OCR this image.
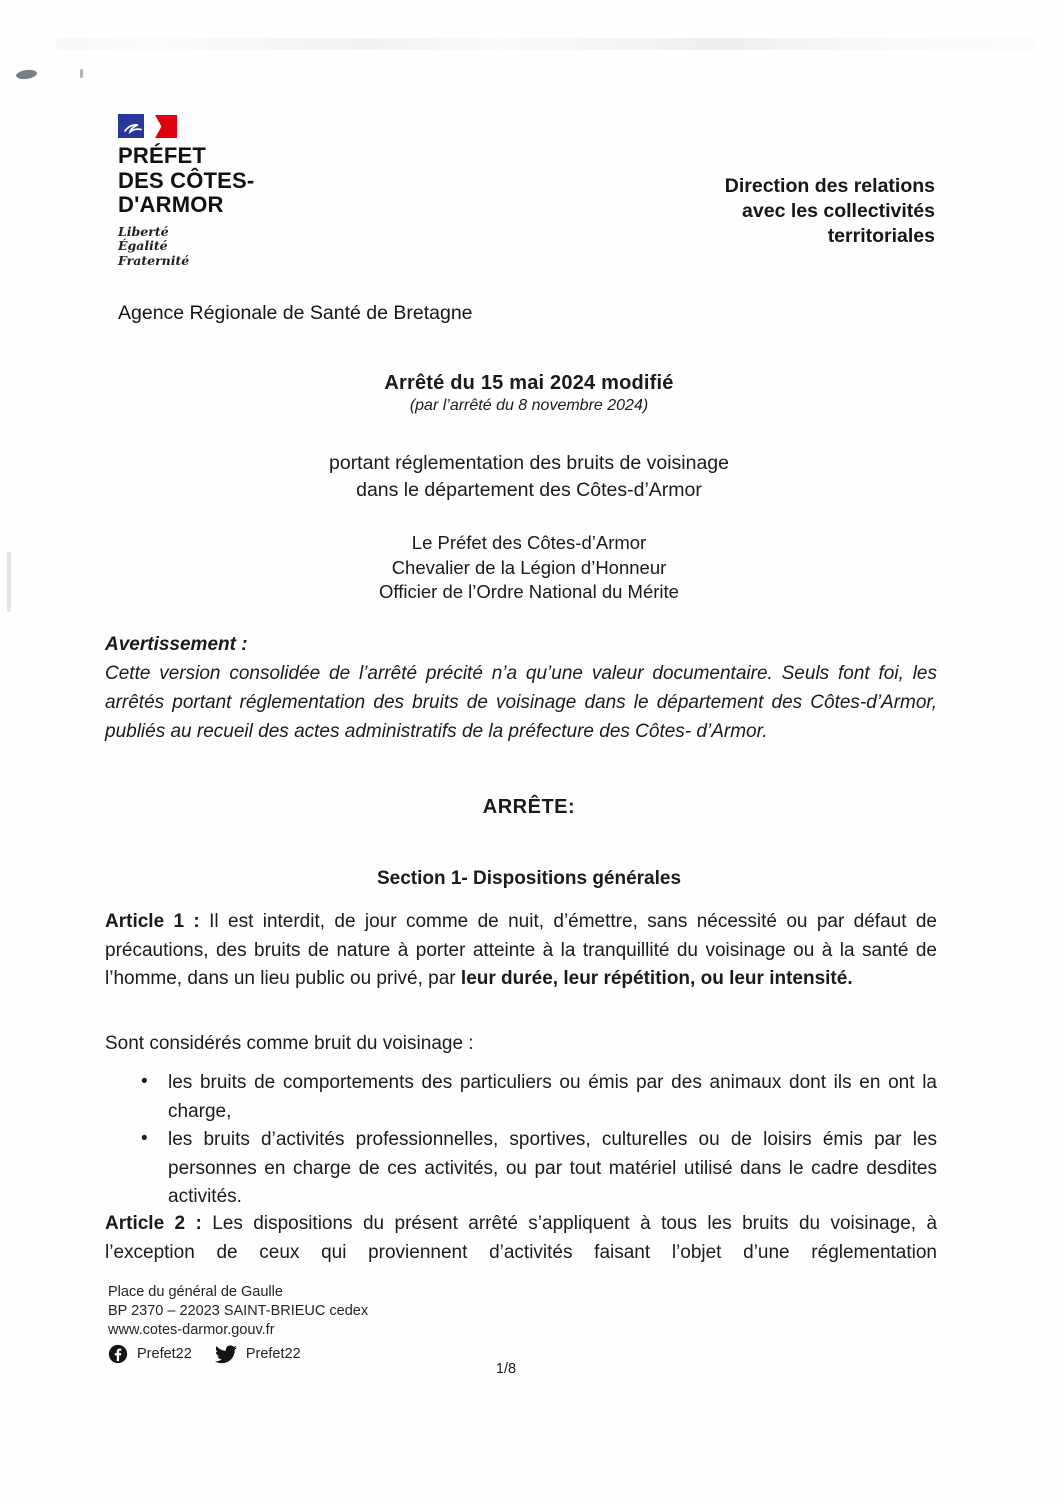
PRÉFET
DES CÔTES-
D'ARMOR
Liberté
Égalité
Fraternité
Direction des relations
avec les collectivités
territoriales
Agence Régionale de Santé de Bretagne
Arrêté du 15 mai 2024 modifié
(par l’arrêté du 8 novembre 2024)
portant réglementation des bruits de voisinage
dans le département des Côtes-d’Armor
Le Préfet des Côtes-d’Armor
Chevalier de la Légion d’Honneur
Officier de l’Ordre National du Mérite
Avertissement :
Cette version consolidée de l’arrêté précité n’a qu’une valeur documentaire. Seuls font foi, les arrêtés portant réglementation des bruits de voisinage dans le département des Côtes-d’Armor, publiés au recueil des actes administratifs de la préfecture des Côtes- d’Armor.
ARRÊTE:
Section 1- Dispositions générales

Article 1 : Il est interdit, de jour comme de nuit, d’émettre, sans nécessité ou par défaut de précautions, des bruits de nature à porter atteinte à la tranquillité du voisinage ou à la santé de l’homme, dans un lieu public ou privé, par leur durée, leur répétition, ou leur intensité.

Sont considérés comme bruit du voisinage :

• les bruits de comportements des particuliers ou émis par des animaux dont ils en ont la charge,
• les bruits d’activités professionnelles, sportives, culturelles ou de loisirs émis par les personnes en charge de ces activités, ou par tout matériel utilisé dans le cadre desdites activités.

Article 2 : Les dispositions du présent arrêté s’appliquent à tous les bruits du voisinage, à l’exception de ceux qui proviennent d’activités faisant l’objet d’une réglementation

Place du général de Gaulle
BP 2370 – 22023 SAINT-BRIEUC cedex
www.cotes-darmor.gouv.fr
Prefet22	Prefet22
1/8
